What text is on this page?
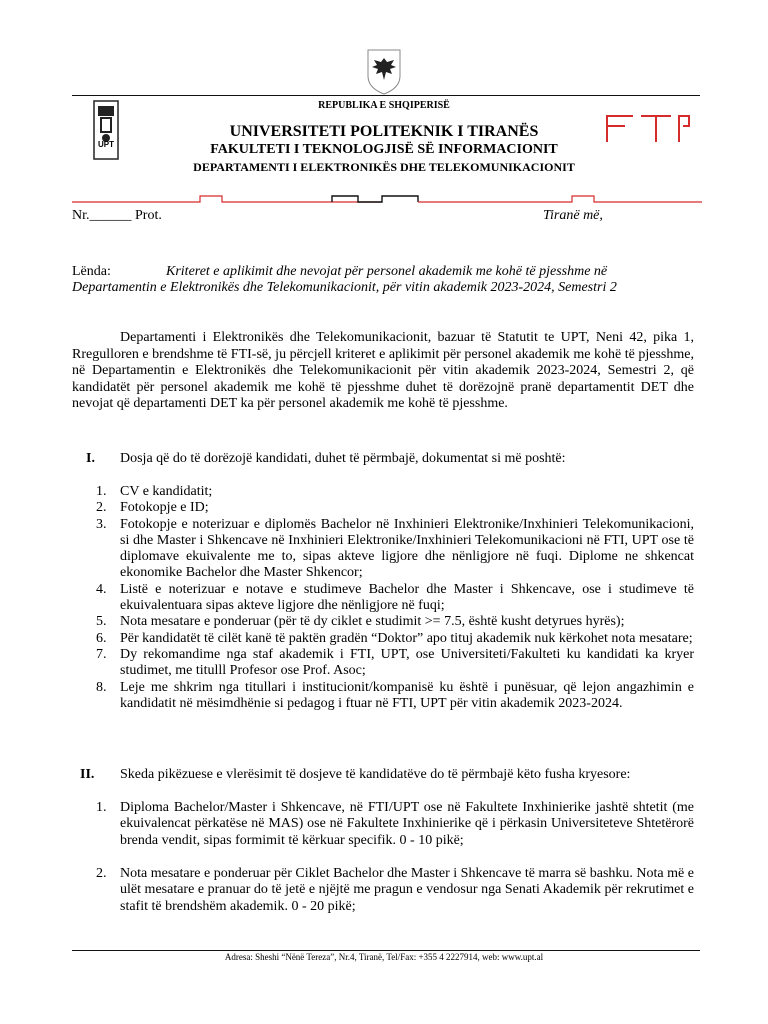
UPT
REPUBLIKA E SHQIPERISË
UNIVERSITETI POLITEKNIK I TIRANËS
FAKULTETI I TEKNOLOGJISË SË INFORMACIONIT
DEPARTAMENTI I ELEKTRONIKËS DHE TELEKOMUNIKACIONIT
Nr.______ Prot.	Tiranë më,
Lënda:	Kriteret e aplikimit dhe nevojat për personel akademik me kohë të pjesshme në
Departamentin e Elektronikës dhe Telekomunikacionit, për vitin akademik 2023-2024, Semestri 2
Departamenti i Elektronikës dhe Telekomunikacionit, bazuar të Statutit te UPT, Neni 42, pika 1, Rregulloren e brendshme të FTI-së, ju përcjell kriteret e aplikimit për personel akademik me kohë të pjesshme, në Departamentin e Elektronikës dhe Telekomunikacionit për vitin akademik 2023-2024, Semestri 2, që kandidatët për personel akademik me kohë të pjesshme duhet të dorëzojnë pranë departamentit DET dhe nevojat që departamenti DET ka për personel akademik me kohë të pjesshme.
I. Dosja që do të dorëzojë kandidati, duhet të përmbajë, dokumentat si më poshtë:
1. CV e kandidatit;
2. Fotokopje e ID;
3. Fotokopje e noterizuar e diplomës Bachelor në Inxhinieri Elektronike/Inxhinieri Telekomunikacioni, si dhe Master i Shkencave në Inxhinieri Elektronike/Inxhinieri Telekomunikacioni në FTI, UPT ose të diplomave ekuivalente me to, sipas akteve ligjore dhe nënligjore në fuqi. Diplome ne shkencat ekonomike Bachelor dhe Master Shkencor;
4. Listë e noterizuar e notave e studimeve Bachelor dhe Master i Shkencave, ose i studimeve të ekuivalentuara sipas akteve ligjore dhe nënligjore në fuqi;
5. Nota mesatare e ponderuar (për të dy ciklet e studimit >= 7.5, është kusht detyrues hyrës);
6. Për kandidatët të cilët kanë të paktën gradën “Doktor” apo tituj akademik nuk kërkohet nota mesatare;
7. Dy rekomandime nga staf akademik i FTI, UPT, ose Universiteti/Fakulteti ku kandidati ka kryer studimet, me titulll Profesor ose Prof. Asoc;
8. Leje me shkrim nga titullari i institucionit/kompanisë ku është i punësuar, që lejon angazhimin e kandidatit në mësimdhënie si pedagog i ftuar në FTI, UPT për vitin akademik 2023-2024.
II. Skeda pikëzuese e vlerësimit të dosjeve të kandidatëve do të përmbajë këto fusha kryesore:
1. Diploma Bachelor/Master i Shkencave, në FTI/UPT ose në Fakultete Inxhinierike jashtë shtetit (me ekuivalencat përkatëse në MAS) ose në Fakultete Inxhinierike që i përkasin Universiteteve Shtetërorë brenda vendit, sipas formimit të kërkuar specifik. 0 - 10 pikë;
2. Nota mesatare e ponderuar për Ciklet Bachelor dhe Master i Shkencave të marra së bashku. Nota më e ulët mesatare e pranuar do të jetë e njëjtë me pragun e vendosur nga Senati Akademik për rekrutimet e stafit të brendshëm akademik. 0 - 20 pikë;
Adresa: Sheshi “Nënë Tereza”, Nr.4, Tiranë, Tel/Fax: +355 4 2227914, web: www.upt.al
